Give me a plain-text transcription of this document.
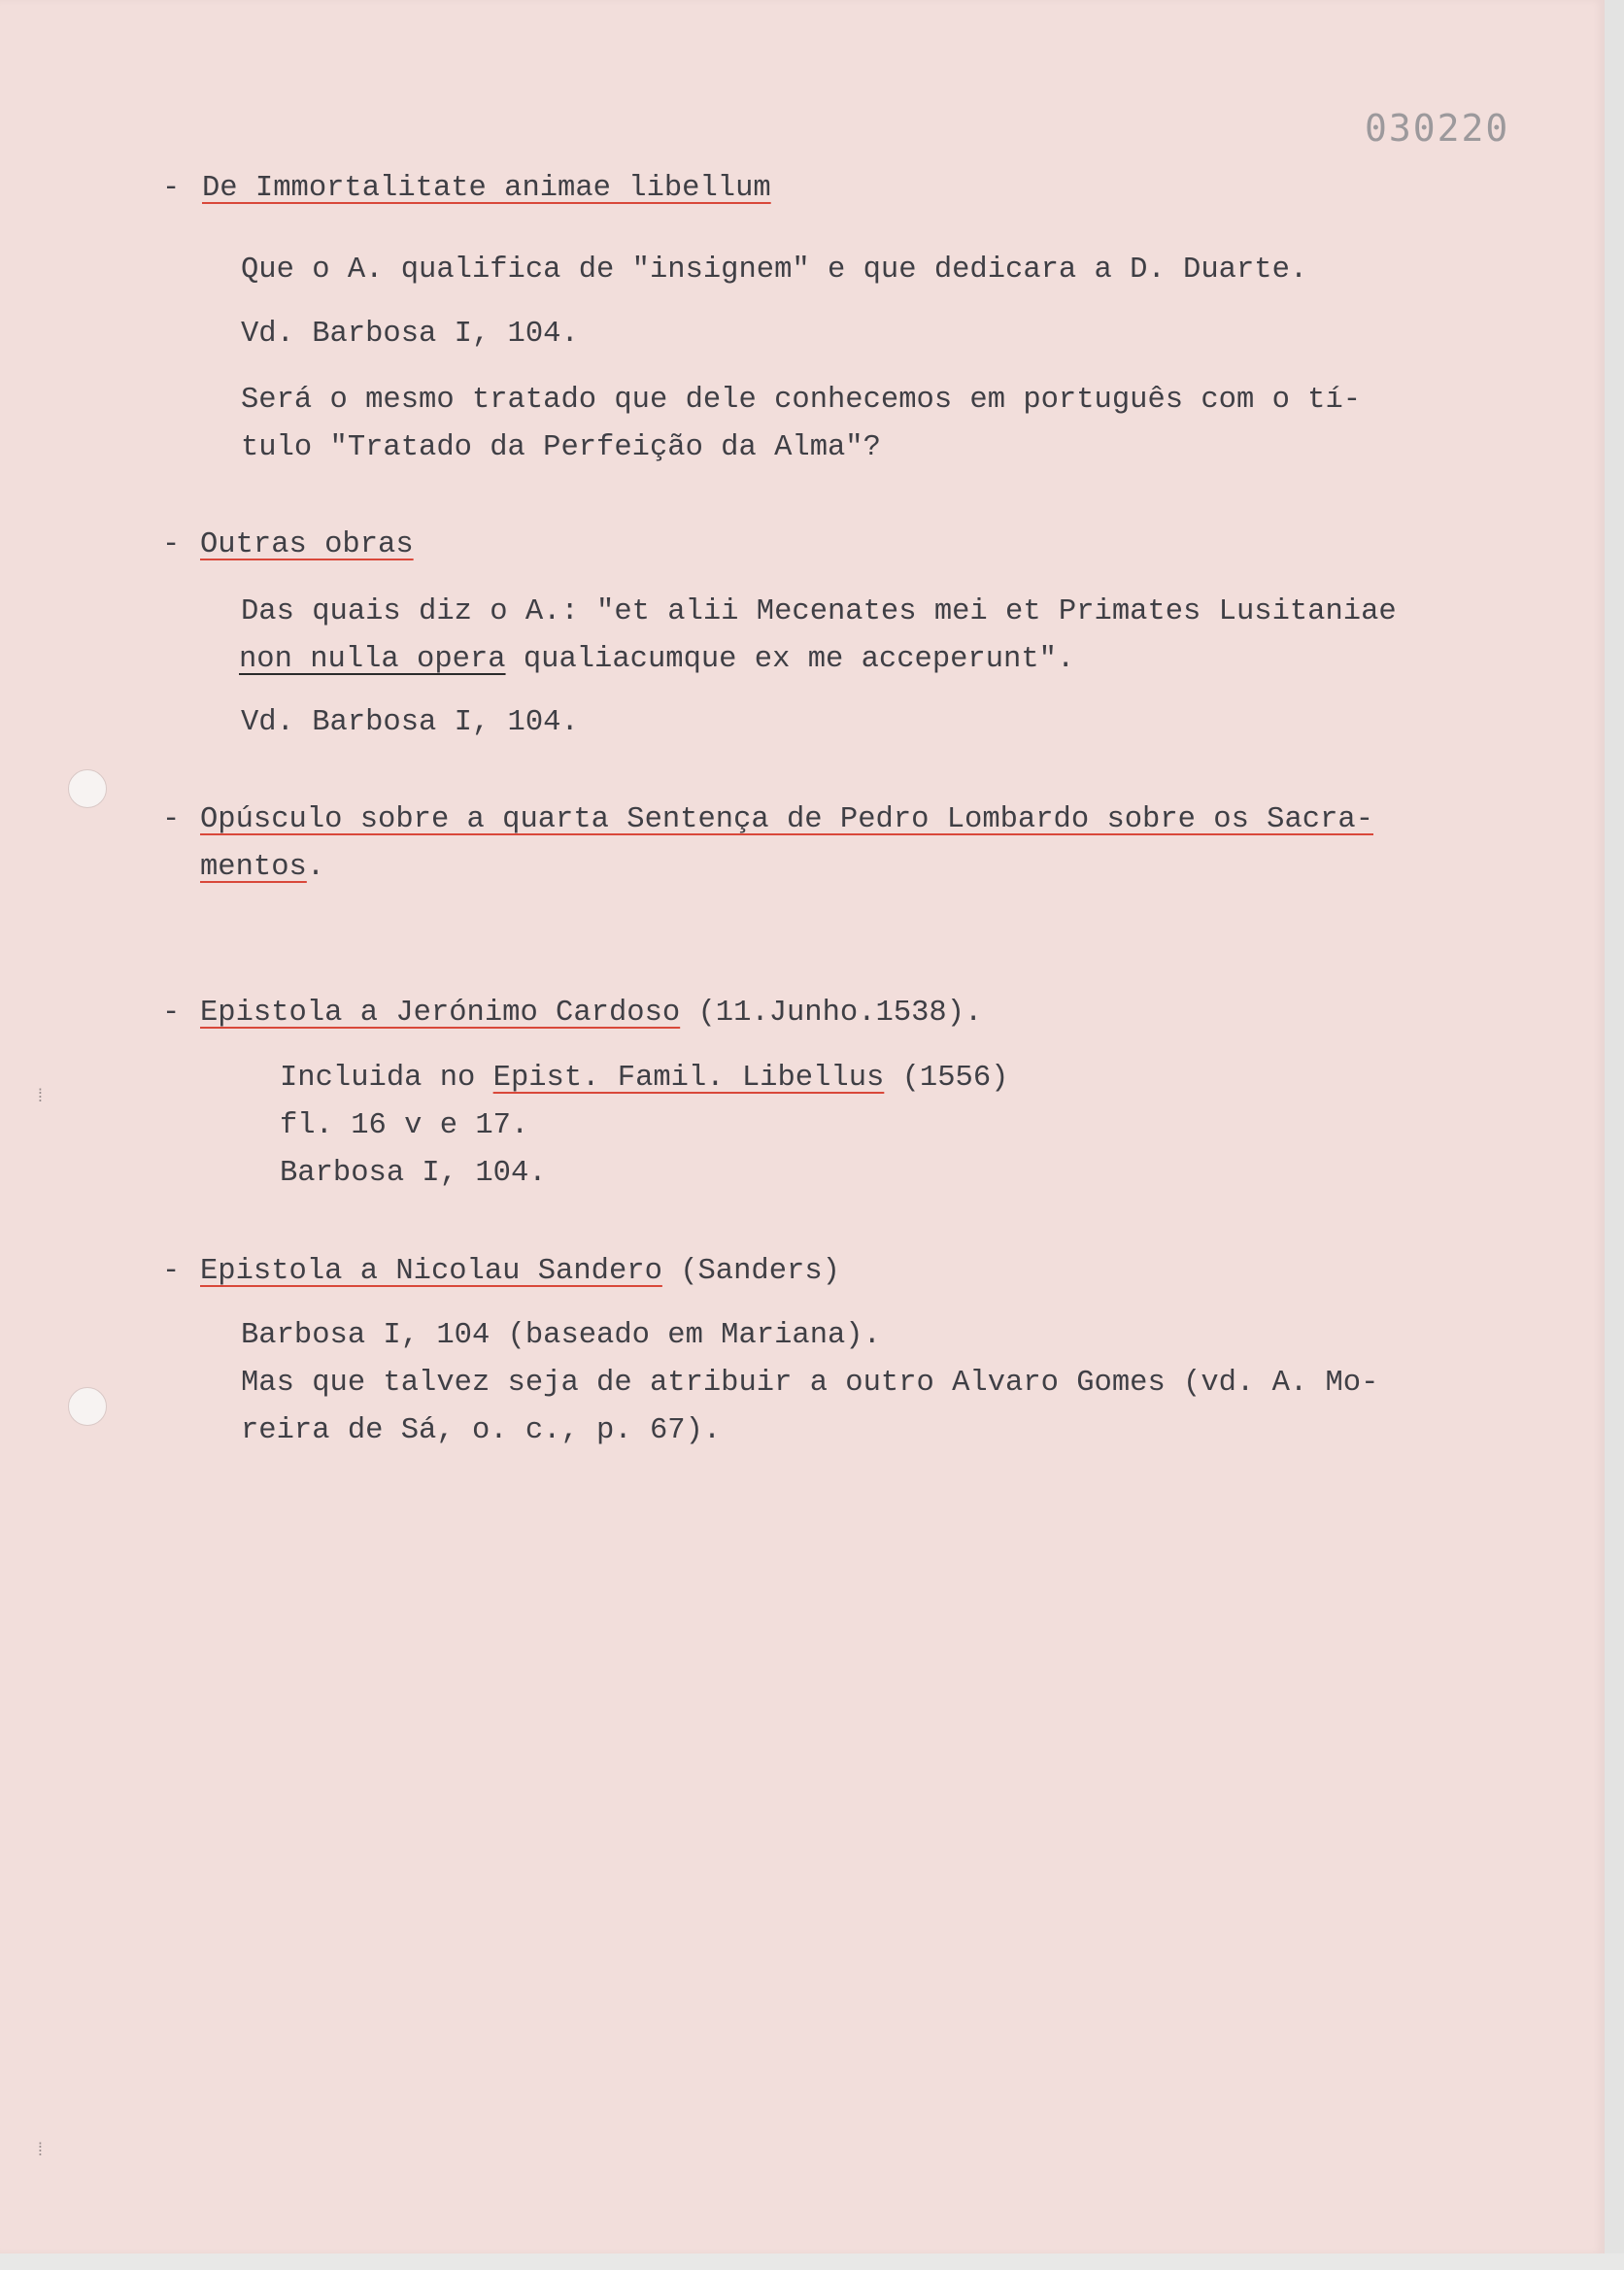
030220
⁞
⁞
- De Immortalitate animae libellum
Que o A. qualifica de "insignem" e que dedicara a D. Duarte.
Vd. Barbosa I, 104.
Será o mesmo tratado que dele conhecemos em português com o tí-
tulo "Tratado da Perfeição da Alma"?
- Outras obras
Das quais diz o A.: "et alii Mecenates mei et Primates Lusitaniae
non nulla opera qualiacumque ex me acceperunt".
Vd. Barbosa I, 104.
- Opúsculo sobre a quarta Sentença de Pedro Lombardo sobre os Sacra-
mentos.
- Epistola a Jerónimo Cardoso (11.Junho.1538).
Incluida no Epist. Famil. Libellus (1556)
fl. 16 v e 17.
Barbosa I, 104.
- Epistola a Nicolau Sandero (Sanders)
Barbosa I, 104 (baseado em Mariana).
Mas que talvez seja de atribuir a outro Alvaro Gomes (vd. A. Mo-
reira de Sá, o. c., p. 67).
